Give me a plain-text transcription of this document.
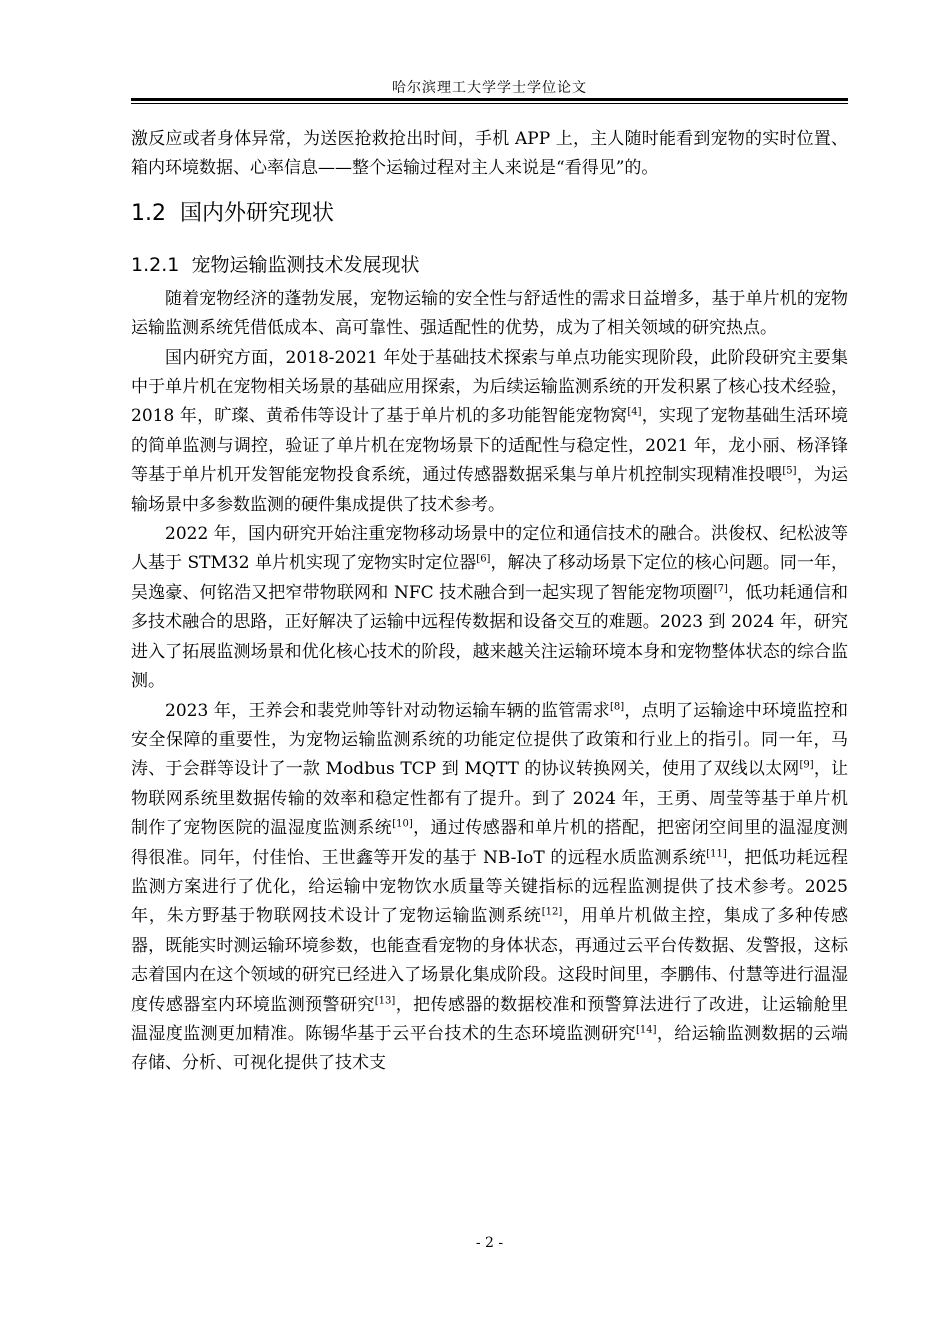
哈尔滨理工大学学士学位论文

激反应或者身体异常，为送医抢救抢出时间，手机 APP 上，主人随时能看到宠物的实时位置、箱内环境数据、心率信息——整个运输过程对主人来说是“看得见”的。

1.2 国内外研究现状
1.2.1 宠物运输监测技术发展现状

随着宠物经济的蓬勃发展，宠物运输的安全性与舒适性的需求日益增多，基于单片机的宠物运输监测系统凭借低成本、高可靠性、强适配性的优势，成为了相关领域的研究热点。

国内研究方面，2018-2021 年处于基础技术探索与单点功能实现阶段，此阶段研究主要集中于单片机在宠物相关场景的基础应用探索，为后续运输监测系统的开发积累了核心技术经验，2018 年，旷璨、黄希伟等设计了基于单片机的多功能智能宠物窝[4]，实现了宠物基础生活环境的简单监测与调控，验证了单片机在宠物场景下的适配性与稳定性，2021 年，龙小丽、杨泽锋等基于单片机开发智能宠物投食系统，通过传感器数据采集与单片机控制实现精准投喂[5]，为运输场景中多参数监测的硬件集成提供了技术参考。

2022 年，国内研究开始注重宠物移动场景中的定位和通信技术的融合。洪俊权、纪松波等人基于 STM32 单片机实现了宠物实时定位器[6]，解决了移动场景下定位的核心问题。同一年，吴逸豪、何铭浩又把窄带物联网和 NFC 技术融合到一起实现了智能宠物项圈[7]，低功耗通信和多技术融合的思路，正好解决了运输中远程传数据和设备交互的难题。2023 到 2024 年，研究进入了拓展监测场景和优化核心技术的阶段，越来越关注运输环境本身和宠物整体状态的综合监测。

2023 年，王养会和裴党帅等针对动物运输车辆的监管需求[8]，点明了运输途中环境监控和安全保障的重要性，为宠物运输监测系统的功能定位提供了政策和行业上的指引。同一年，马涛、于会群等设计了一款 Modbus TCP 到 MQTT 的协议转换网关，使用了双线以太网[9]，让物联网系统里数据传输的效率和稳定性都有了提升。到了 2024 年，王勇、周莹等基于单片机制作了宠物医院的温湿度监测系统[10]，通过传感器和单片机的搭配，把密闭空间里的温湿度测得很准。同年，付佳怡、王世鑫等开发的基于 NB-IoT 的远程水质监测系统[11]，把低功耗远程监测方案进行了优化，给运输中宠物饮水质量等关键指标的远程监测提供了技术参考。2025 年，朱方野基于物联网技术设计了宠物运输监测系统[12]，用单片机做主控，集成了多种传感器，既能实时测运输环境参数，也能查看宠物的身体状态，再通过云平台传数据、发警报，这标志着国内在这个领域的研究已经进入了场景化集成阶段。这段时间里，李鹏伟、付慧等进行温湿度传感器室内环境监测预警研究[13]，把传感器的数据校准和预警算法进行了改进，让运输舱里温湿度监测更加精准。陈锡华基于云平台技术的生态环境监测研究[14]，给运输监测数据的云端存储、分析、可视化提供了技术支

- 2 -
